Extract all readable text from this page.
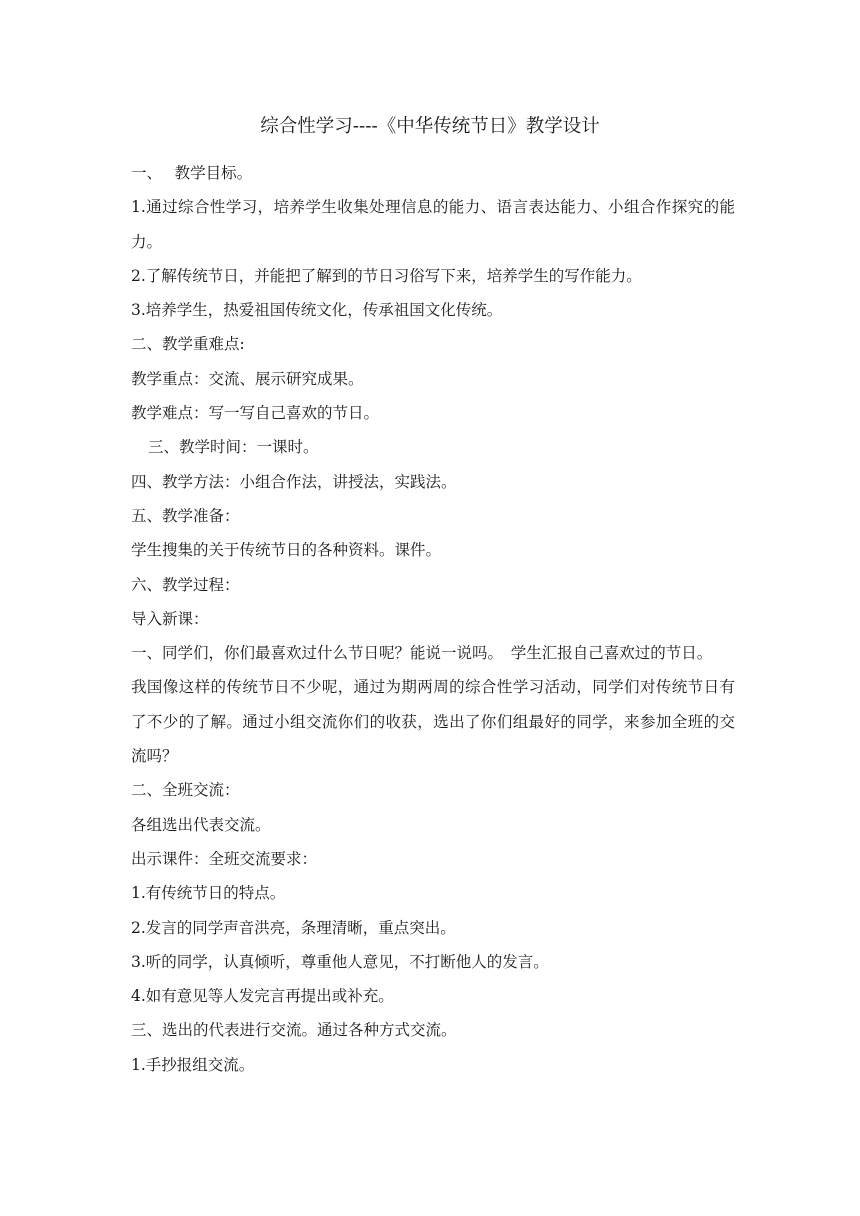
综合性学习----《中华传统节日》教学设计

一、　 教学目标。

1.通过综合性学习，培养学生收集处理信息的能力、语言表达能力、小组合作探究的能力。

2.了解传统节日，并能把了解到的节日习俗写下来，培养学生的写作能力。

3.培养学生，热爱祖国传统文化，传承祖国文化传统。

二、教学重难点:

教学重点：交流、展示研究成果。

教学难点：写一写自己喜欢的节日。

三、教学时间：一课时。

四、教学方法：小组合作法，讲授法，实践法。

五、教学准备：

学生搜集的关于传统节日的各种资料。课件。

六、教学过程：

导入新课：

一、同学们，你们最喜欢过什么节日呢？能说一说吗。　学生汇报自己喜欢过的节日。

我国像这样的传统节日不少呢，通过为期两周的综合性学习活动，同学们对传统节日有了不少的了解。通过小组交流你们的收获，选出了你们组最好的同学，来参加全班的交流吗？

二、全班交流：

各组选出代表交流。

出示课件：全班交流要求：

1.有传统节日的特点。

2.发言的同学声音洪亮，条理清晰，重点突出。

3.听的同学，认真倾听，尊重他人意见，不打断他人的发言。

4.如有意见等人发完言再提出或补充。

三、选出的代表进行交流。通过各种方式交流。

1.手抄报组交流。
